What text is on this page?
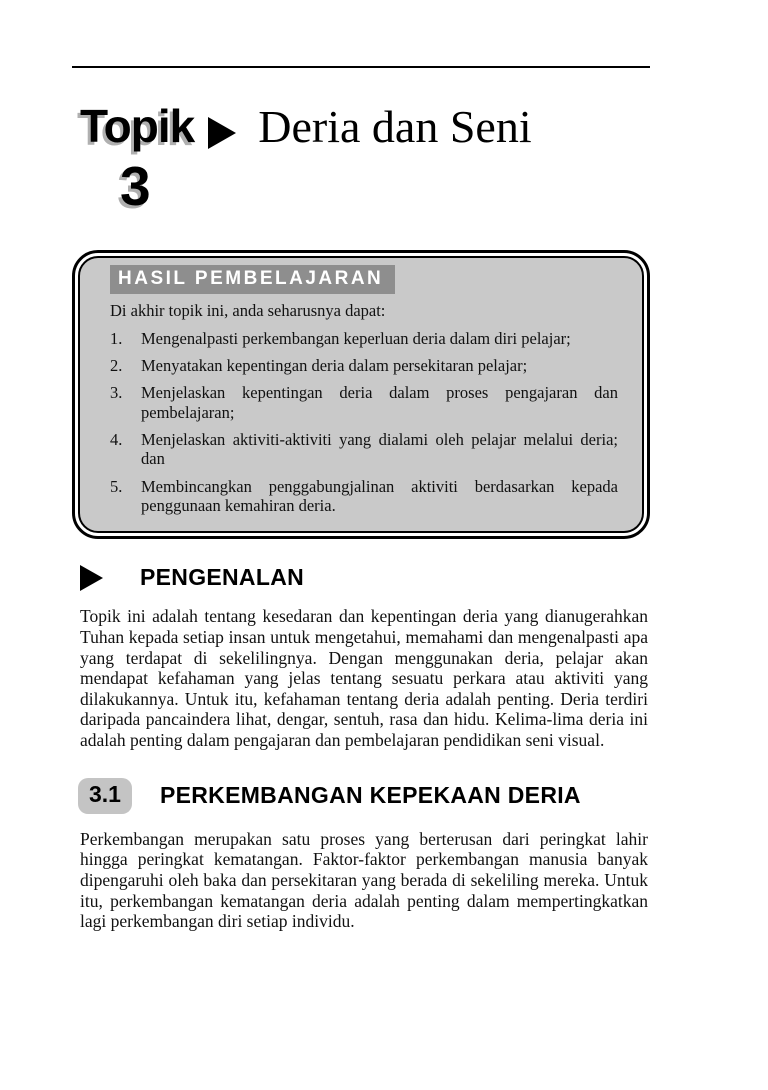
Topik
3
Deria dan Seni
HASIL PEMBELAJARAN
Di akhir topik ini, anda seharusnya dapat:
1.	Mengenalpasti perkembangan keperluan deria dalam diri pelajar;
2.	Menyatakan kepentingan deria dalam persekitaran pelajar;
3.	Menjelaskan kepentingan deria dalam proses pengajaran dan pembelajaran;
4.	Menjelaskan aktiviti-aktiviti yang dialami oleh pelajar melalui deria; dan
5.	Membincangkan penggabungjalinan aktiviti berdasarkan kepada penggunaan kemahiran deria.
PENGENALAN

Topik ini adalah tentang kesedaran dan kepentingan deria yang dianugerahkan Tuhan kepada setiap insan untuk mengetahui, memahami dan mengenalpasti apa yang terdapat di sekelilingnya. Dengan menggunakan deria, pelajar akan mendapat kefahaman yang jelas tentang sesuatu perkara atau aktiviti yang dilakukannya. Untuk itu, kefahaman tentang deria adalah penting. Deria terdiri daripada pancaindera lihat, dengar, sentuh, rasa dan hidu. Kelima-lima deria ini adalah penting dalam pengajaran dan pembelajaran pendidikan seni visual.

3.1	PERKEMBANGAN KEPEKAAN DERIA

Perkembangan merupakan satu proses yang berterusan dari peringkat lahir hingga peringkat kematangan. Faktor-faktor perkembangan manusia banyak dipengaruhi oleh baka dan persekitaran yang berada di sekeliling mereka. Untuk itu, perkembangan kematangan deria adalah penting dalam mempertingkatkan lagi perkembangan diri setiap individu.
